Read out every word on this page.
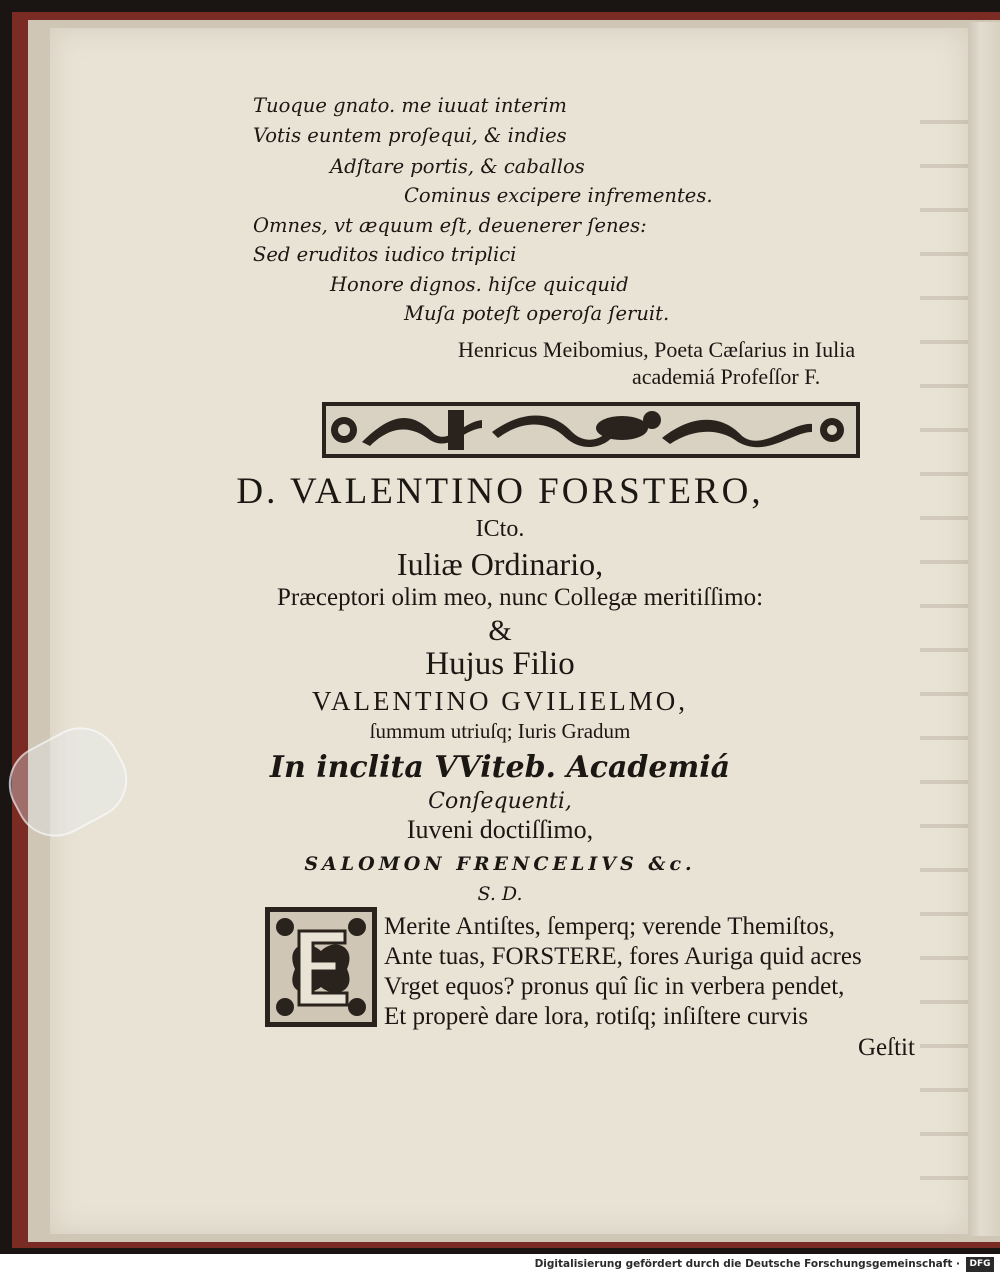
Tuoque gnato. me iuuat interim
Votis euntem proſequi, & indies
Adſtare portis, & caballos
Cominus excipere infrementes.
Omnes, vt æquum eſt, deuenerer ſenes:
Sed eruditos iudico triplici
Honore dignos. hiſce quicquid
Muſa poteſt operoſa ſeruit.
Henricus Meibomius, Poeta Cæſarius in Iulia
academiá Profeſſor F.
D. VALENTINO FORSTERO,
ICto.
Iuliæ Ordinario,
Præceptori olim meo, nunc Collegæ meritiſſimo:
&
Hujus Filio
VALENTINO GVILIELMO,
ſummum utriuſq; Iuris Gradum
In inclita VViteb. Academiá
Conſequenti,
Iuveni doctiſſimo,
SALOMON FRENCELIVS &c.
S. D.
Merite Antiſtes, ſemperq; verende Themiſtos,
Ante tuas, FORSTERE, fores Auriga quid acres
Vrget equos? pronus quî ſic in verbera pendet,
Et properè dare lora, rotiſq; inſiſtere curvis
Geſtit
Digitalisierung gefördert durch die Deutsche Forschungsgemeinschaft ·	DFG
